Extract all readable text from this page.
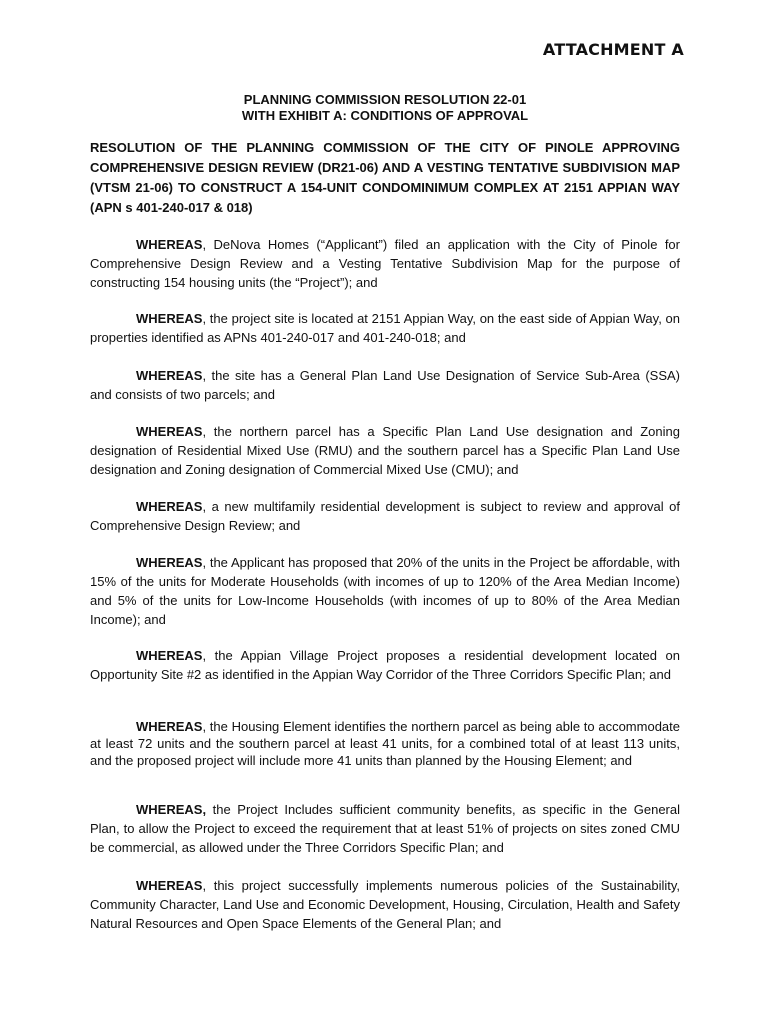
ATTACHMENT A
PLANNING COMMISSION RESOLUTION 22-01
WITH EXHIBIT A: CONDITIONS OF APPROVAL
RESOLUTION OF THE PLANNING COMMISSION OF THE CITY OF PINOLE APPROVING COMPREHENSIVE DESIGN REVIEW (DR21-06) AND A VESTING TENTATIVE SUBDIVISION MAP (VTSM 21-06) TO CONSTRUCT A 154-UNIT CONDOMINIMUM COMPLEX AT 2151 APPIAN WAY (APN s 401-240-017 & 018)

WHEREAS, DeNova Homes (“Applicant”) filed an application with the City of Pinole for Comprehensive Design Review and a Vesting Tentative Subdivision Map for the purpose of constructing 154 housing units (the “Project”); and

WHEREAS, the project site is located at 2151 Appian Way, on the east side of Appian Way, on properties identified as APNs 401-240-017 and 401-240-018; and

WHEREAS, the site has a General Plan Land Use Designation of Service Sub-Area (SSA) and consists of two parcels; and

WHEREAS, the northern parcel has a Specific Plan Land Use designation and Zoning designation of Residential Mixed Use (RMU) and the southern parcel has a Specific Plan Land Use designation and Zoning designation of Commercial Mixed Use (CMU); and

WHEREAS, a new multifamily residential development is subject to review and approval of Comprehensive Design Review; and

WHEREAS, the Applicant has proposed that 20% of the units in the Project be affordable, with 15% of the units for Moderate Households (with incomes of up to 120% of the Area Median Income) and 5% of the units for Low-Income Households (with incomes of up to 80% of the Area Median Income); and

WHEREAS, the Appian Village Project proposes a residential development located on Opportunity Site #2 as identified in the Appian Way Corridor of the Three Corridors Specific Plan; and

WHEREAS, the Housing Element identifies the northern parcel as being able to accommodate at least 72 units and the southern parcel at least 41 units, for a combined total of at least 113 units, and the proposed project will include more 41 units than planned by the Housing Element; and

WHEREAS, the Project Includes sufficient community benefits, as specific in the General Plan, to allow the Project to exceed the requirement that at least 51% of projects on sites zoned CMU be commercial, as allowed under the Three Corridors Specific Plan; and

WHEREAS, this project successfully implements numerous policies of the Sustainability, Community Character, Land Use and Economic Development, Housing, Circulation, Health and Safety Natural Resources and Open Space Elements of the General Plan; and
